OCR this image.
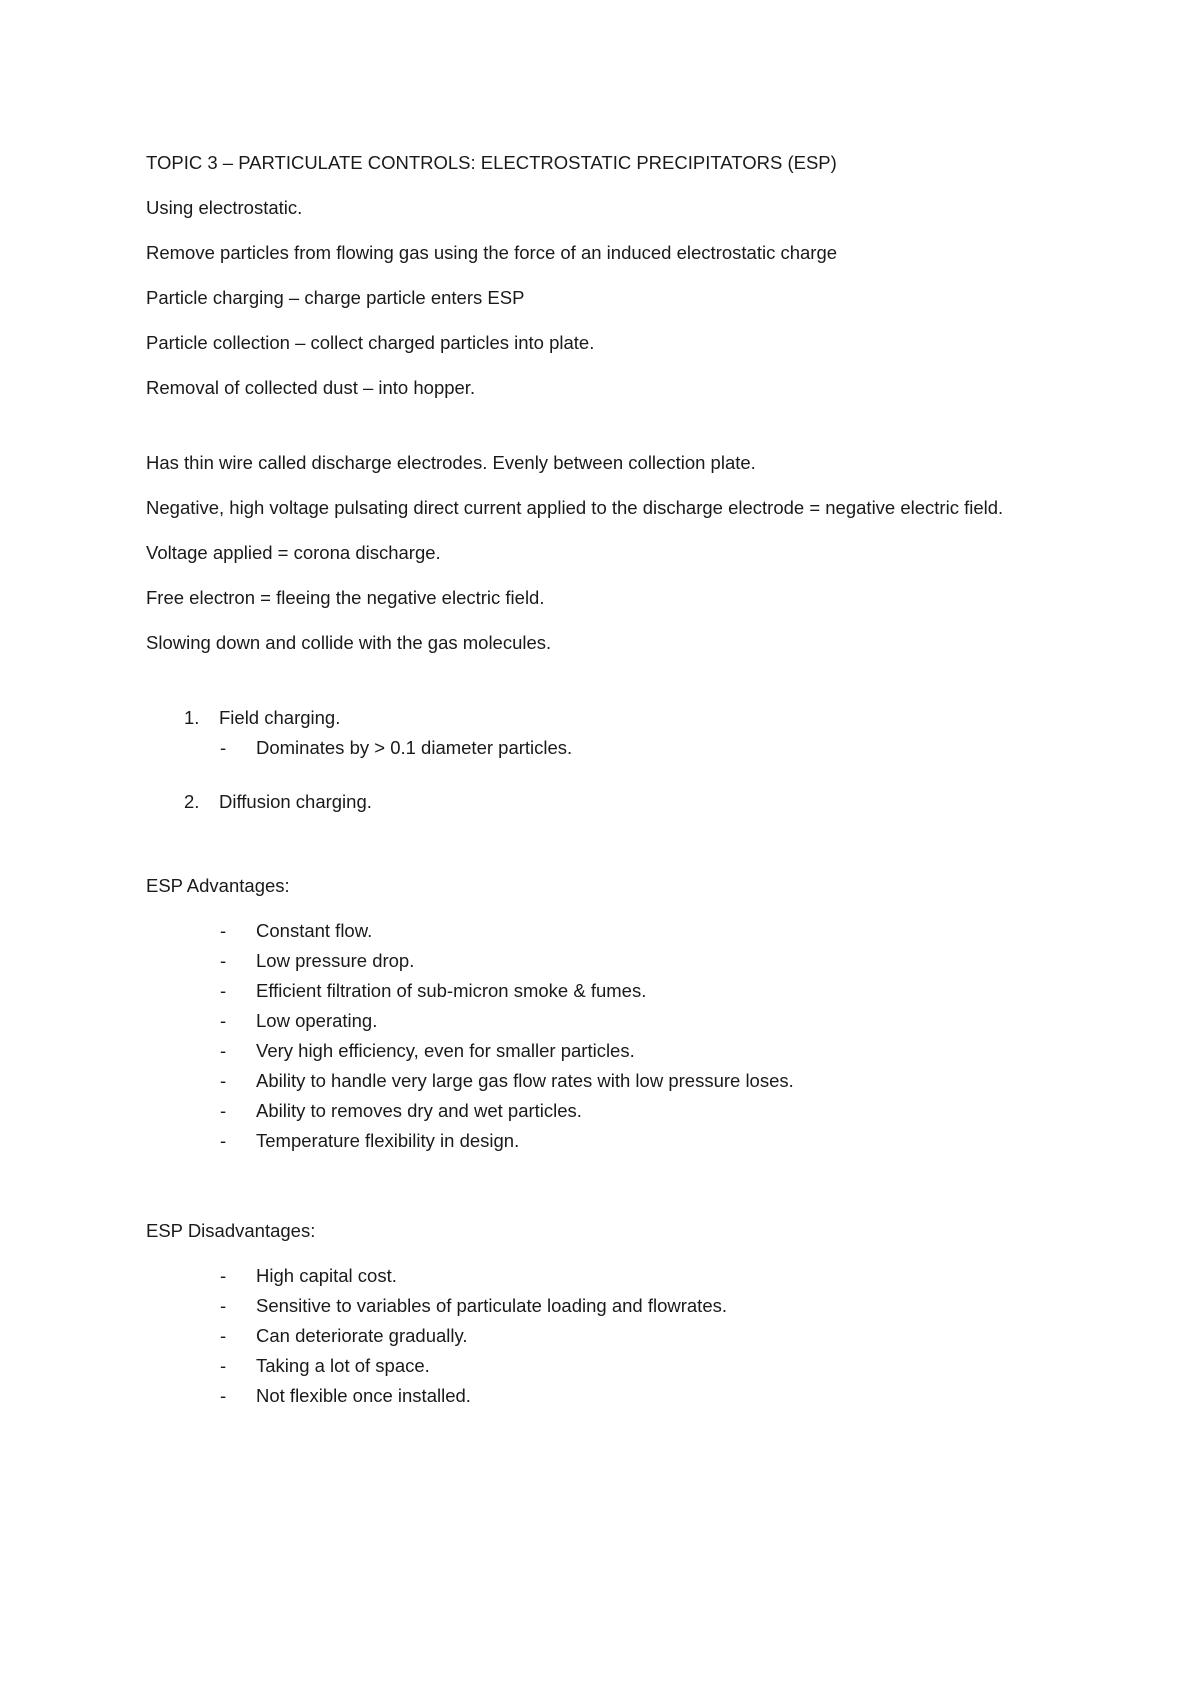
TOPIC 3 – PARTICULATE CONTROLS: ELECTROSTATIC PRECIPITATORS (ESP)

Using electrostatic.

Remove particles from flowing gas using the force of an induced electrostatic charge

Particle charging – charge particle enters ESP

Particle collection – collect charged particles into plate.

Removal of collected dust – into hopper.

Has thin wire called discharge electrodes. Evenly between collection plate.

Negative, high voltage pulsating direct current applied to the discharge electrode = negative electric field.

Voltage applied = corona discharge.

Free electron = fleeing the negative electric field.

Slowing down and collide with the gas molecules.

1. Field charging.
- Dominates by > 0.1 diameter particles.
2. Diffusion charging.

ESP Advantages:

- Constant flow.
- Low pressure drop.
- Efficient filtration of sub-micron smoke & fumes.
- Low operating.
- Very high efficiency, even for smaller particles.
- Ability to handle very large gas flow rates with low pressure loses.
- Ability to removes dry and wet particles.
- Temperature flexibility in design.

ESP Disadvantages:

- High capital cost.
- Sensitive to variables of particulate loading and flowrates.
- Can deteriorate gradually.
- Taking a lot of space.
- Not flexible once installed.
